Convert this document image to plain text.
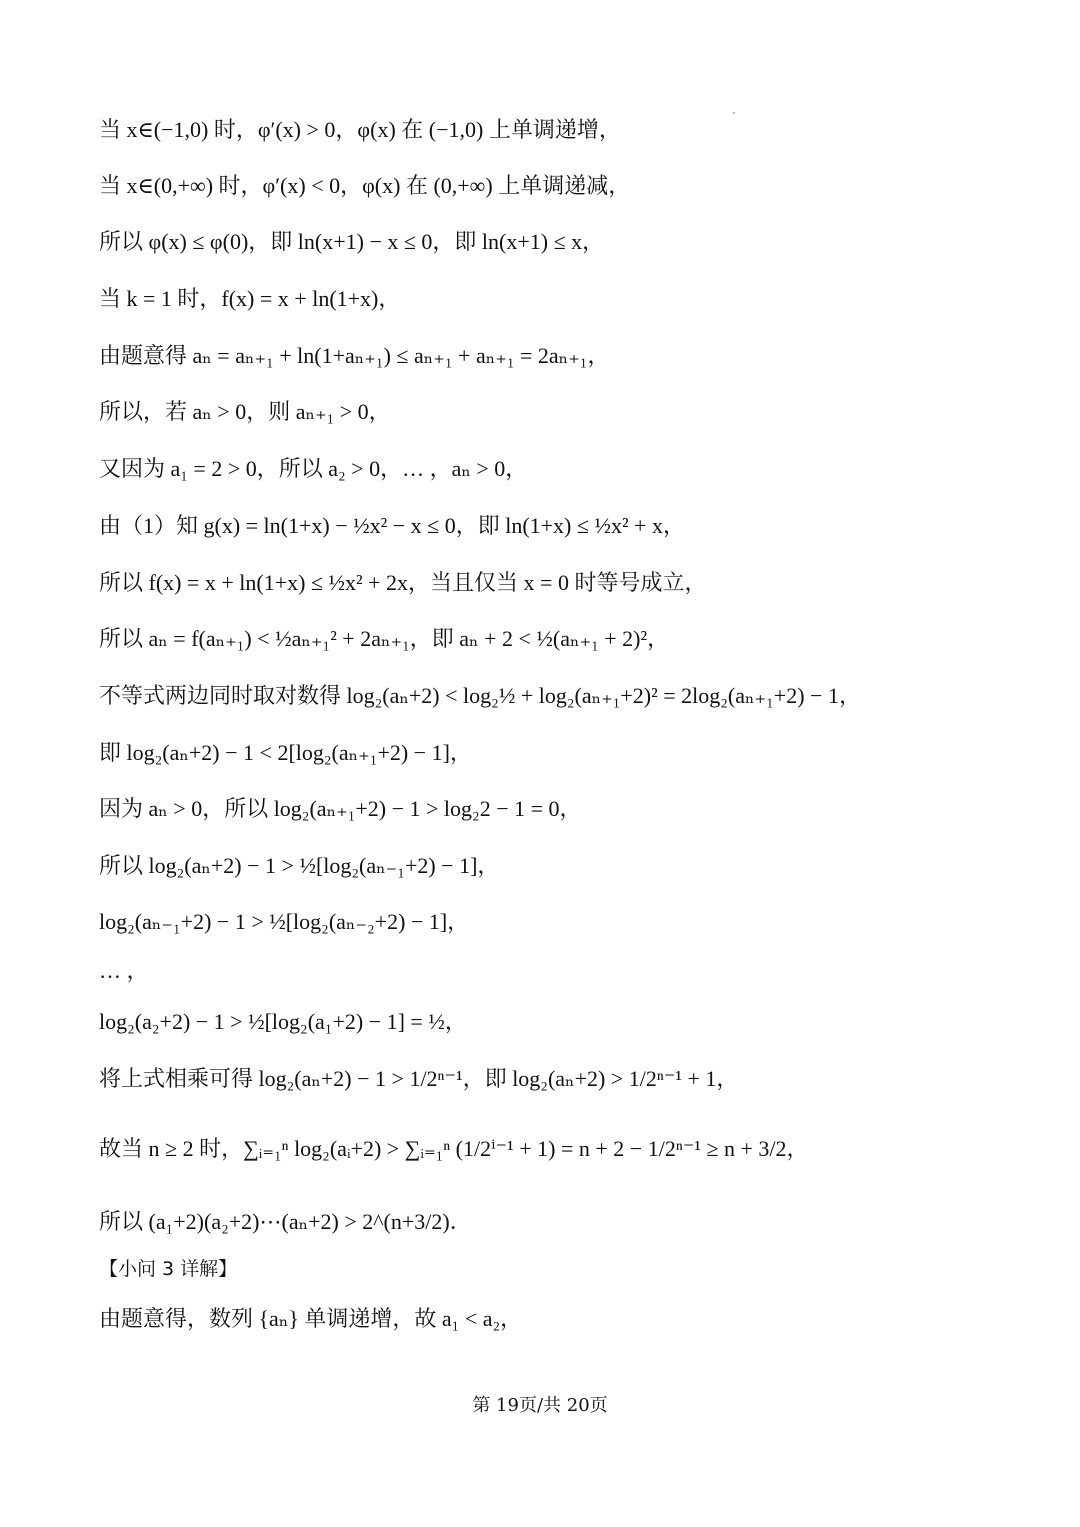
当 x∈(−1,0) 时，φ′(x) > 0，φ(x) 在 (−1,0) 上单调递增，
当 x∈(0,+∞) 时，φ′(x) < 0，φ(x) 在 (0,+∞) 上单调递减，
所以 φ(x) ≤ φ(0)，即 ln(x+1) − x ≤ 0，即 ln(x+1) ≤ x，
当 k = 1 时，f(x) = x + ln(1+x)，
由题意得 aₙ = aₙ₊₁ + ln(1+aₙ₊₁) ≤ aₙ₊₁ + aₙ₊₁ = 2aₙ₊₁，
所以，若 aₙ > 0，则 aₙ₊₁ > 0，
又因为 a₁ = 2 > 0，所以 a₂ > 0，… ，aₙ > 0，
由（1）知 g(x) = ln(1+x) − ½x² − x ≤ 0，即 ln(1+x) ≤ ½x² + x，
所以 f(x) = x + ln(1+x) ≤ ½x² + 2x，当且仅当 x = 0 时等号成立，
所以 aₙ = f(aₙ₊₁) < ½aₙ₊₁² + 2aₙ₊₁，即 aₙ + 2 < ½(aₙ₊₁ + 2)²，
不等式两边同时取对数得 log₂(aₙ+2) < log₂½ + log₂(aₙ₊₁+2)² = 2log₂(aₙ₊₁+2) − 1，
即 log₂(aₙ+2) − 1 < 2[log₂(aₙ₊₁+2) − 1]，
因为 aₙ > 0，所以 log₂(aₙ₊₁+2) − 1 > log₂2 − 1 = 0，
所以 log₂(aₙ+2) − 1 > ½[log₂(aₙ₋₁+2) − 1]，
log₂(aₙ₋₁+2) − 1 > ½[log₂(aₙ₋₂+2) − 1]，
… ，
log₂(a₂+2) − 1 > ½[log₂(a₁+2) − 1] = ½，
将上式相乘可得 log₂(aₙ+2) − 1 > 1/2ⁿ⁻¹，即 log₂(aₙ+2) > 1/2ⁿ⁻¹ + 1，
故当 n ≥ 2 时，∑ᵢ₌₁ⁿ log₂(aᵢ+2) > ∑ᵢ₌₁ⁿ (1/2ⁱ⁻¹ + 1) = n + 2 − 1/2ⁿ⁻¹ ≥ n + 3/2，
所以 (a₁+2)(a₂+2)⋯(aₙ+2) > 2^(n+3/2)．
【小问 3 详解】
由题意得，数列 {aₙ} 单调递增，故 a₁ < a₂，
第 19页/共 20页
